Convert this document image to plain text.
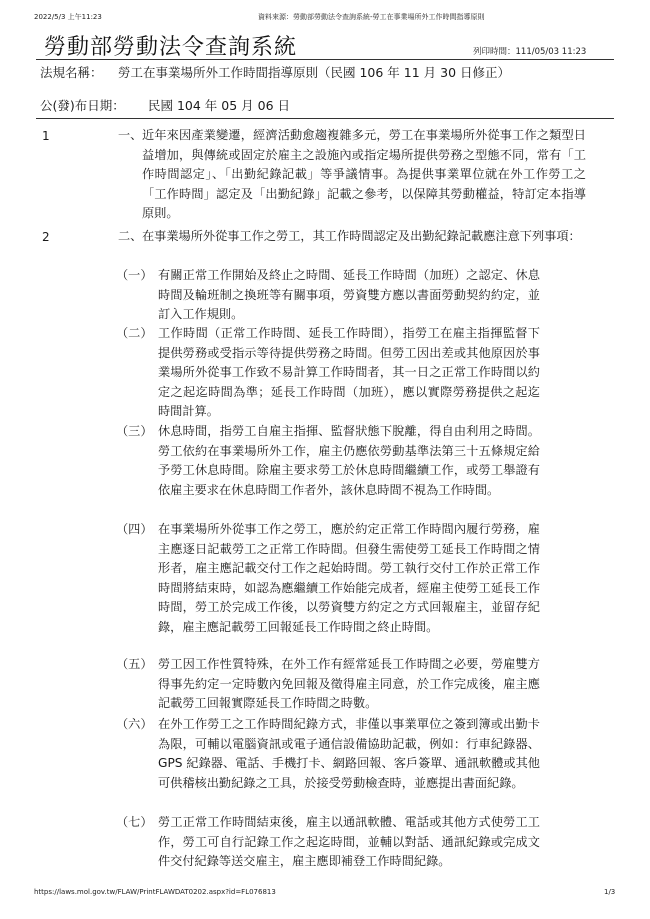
2022/5/3 上午11:23	資料來源：勞動部勞動法令查詢系統-勞工在事業場所外工作時間指導原則
勞動部勞動法令查詢系統	列印時間：111/05/03 11:23
法規名稱： 勞工在事業場所外工作時間指導原則（民國 106 年 11 月 30 日修正）
公(發)布日期： 民國 104 年 05 月 06 日
1	一、 近年來因產業變遷，經濟活動愈趨複雜多元，勞工在事業場所外從事工作之類型日益增加，與傳統或固定於雇主之設施內或指定場所提供勞務之型態不同，常有「工作時間認定」、「出勤紀錄記載」等爭議情事。為提供事業單位就在外工作勞工之「工作時間」認定及「出勤紀錄」記載之參考，以保障其勞動權益，特訂定本指導原則。
2	二、 在事業場所外從事工作之勞工，其工作時間認定及出勤紀錄記載應注意下列事項：
（一） 有關正常工作開始及終止之時間、延長工作時間（加班）之認定、休息時間及輪班制之換班等有關事項，勞資雙方應以書面勞動契約約定，並訂入工作規則。
（二） 工作時間（正常工作時間、延長工作時間），指勞工在雇主指揮監督下提供勞務或受指示等待提供勞務之時間。但勞工因出差或其他原因於事業場所外從事工作致不易計算工作時間者，其一日之正常工作時間以約定之起迄時間為準；延長工作時間（加班），應以實際勞務提供之起迄時間計算。
（三） 休息時間，指勞工自雇主指揮、監督狀態下脫離，得自由利用之時間。勞工依約在事業場所外工作，雇主仍應依勞動基準法第三十五條規定給予勞工休息時間。除雇主要求勞工於休息時間繼續工作，或勞工舉證有依雇主要求在休息時間工作者外，該休息時間不視為工作時間。
（四） 在事業場所外從事工作之勞工，應於約定正常工作時間內履行勞務，雇主應逐日記載勞工之正常工作時間。但發生需使勞工延長工作時間之情形者，雇主應記載交付工作之起始時間。勞工執行交付工作於正常工作時間將結束時，如認為應繼續工作始能完成者，經雇主使勞工延長工作時間，勞工於完成工作後，以勞資雙方約定之方式回報雇主，並留存紀錄，雇主應記載勞工回報延長工作時間之終止時間。
（五） 勞工因工作性質特殊，在外工作有經常延長工作時間之必要，勞雇雙方得事先約定一定時數內免回報及徵得雇主同意，於工作完成後，雇主應記載勞工回報實際延長工作時間之時數。
（六） 在外工作勞工之工作時間紀錄方式，非僅以事業單位之簽到簿或出勤卡為限，可輔以電腦資訊或電子通信設備協助記載，例如：行車紀錄器、GPS 紀錄器、電話、手機打卡、網路回報、客戶簽單、通訊軟體或其他可供稽核出勤紀錄之工具，於接受勞動檢查時，並應提出書面紀錄。
（七） 勞工正常工作時間結束後，雇主以通訊軟體、電話或其他方式使勞工工作，勞工可自行記錄工作之起迄時間，並輔以對話、通訊紀錄或完成文件交付紀錄等送交雇主，雇主應即補登工作時間紀錄。
https://laws.mol.gov.tw/FLAW/PrintFLAWDAT0202.aspx?id=FL076813	1/3
